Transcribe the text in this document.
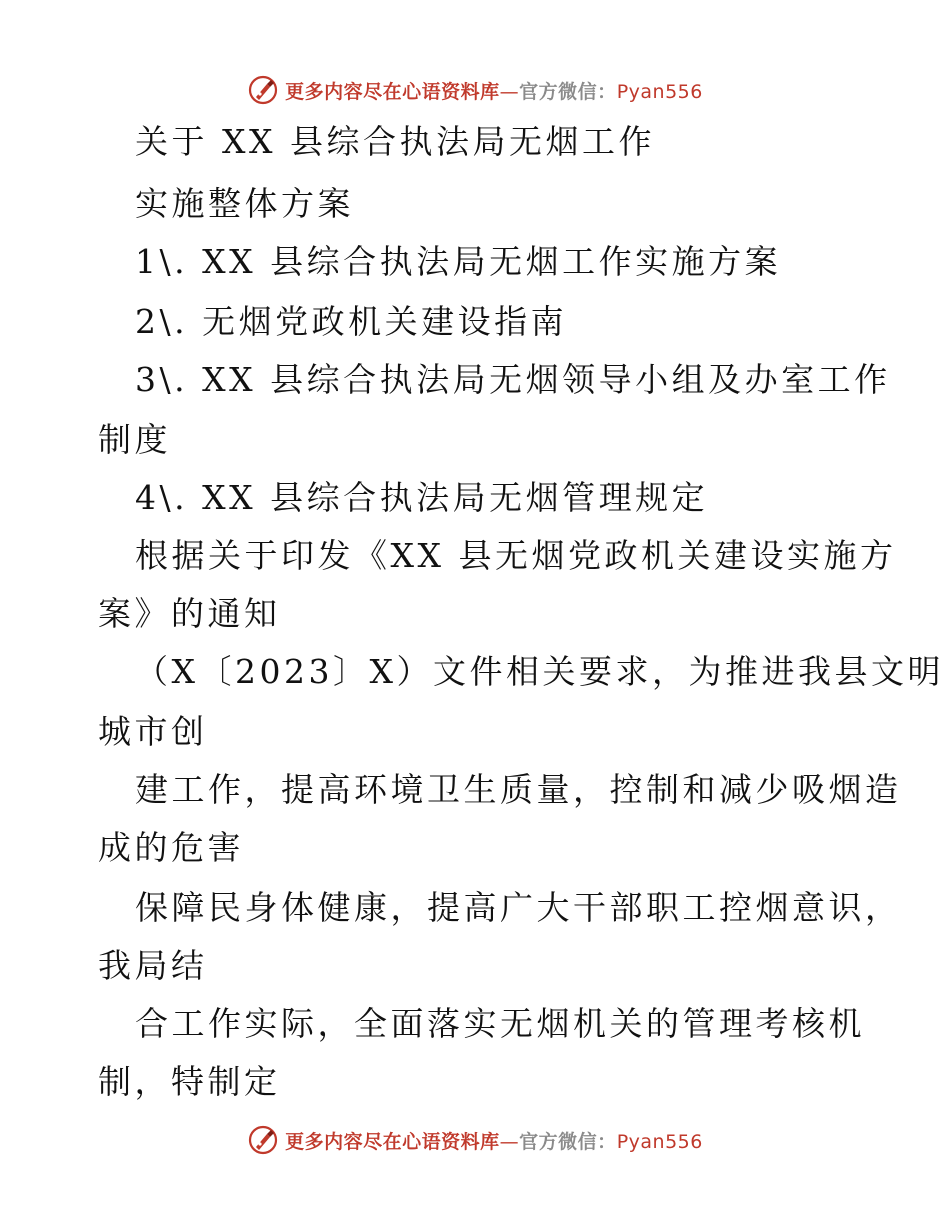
更多内容尽在心语资料库—官方微信：Pyan556
关于 XX 县综合执法局无烟工作
实施整体方案
1\. XX 县综合执法局无烟工作实施方案
2\. 无烟党政机关建设指南
3\. XX 县综合执法局无烟领导小组及办室工作
制度
4\. XX 县综合执法局无烟管理规定
根据关于印发《XX 县无烟党政机关建设实施方
案》的通知
（X〔2023〕X）文件相关要求，为推进我县文明
城市创
建工作，提高环境卫生质量，控制和减少吸烟造
成的危害
保障民身体健康，提高广大干部职工控烟意识，
我局结
合工作实际，全面落实无烟机关的管理考核机
制，特制定
更多内容尽在心语资料库—官方微信：Pyan556
